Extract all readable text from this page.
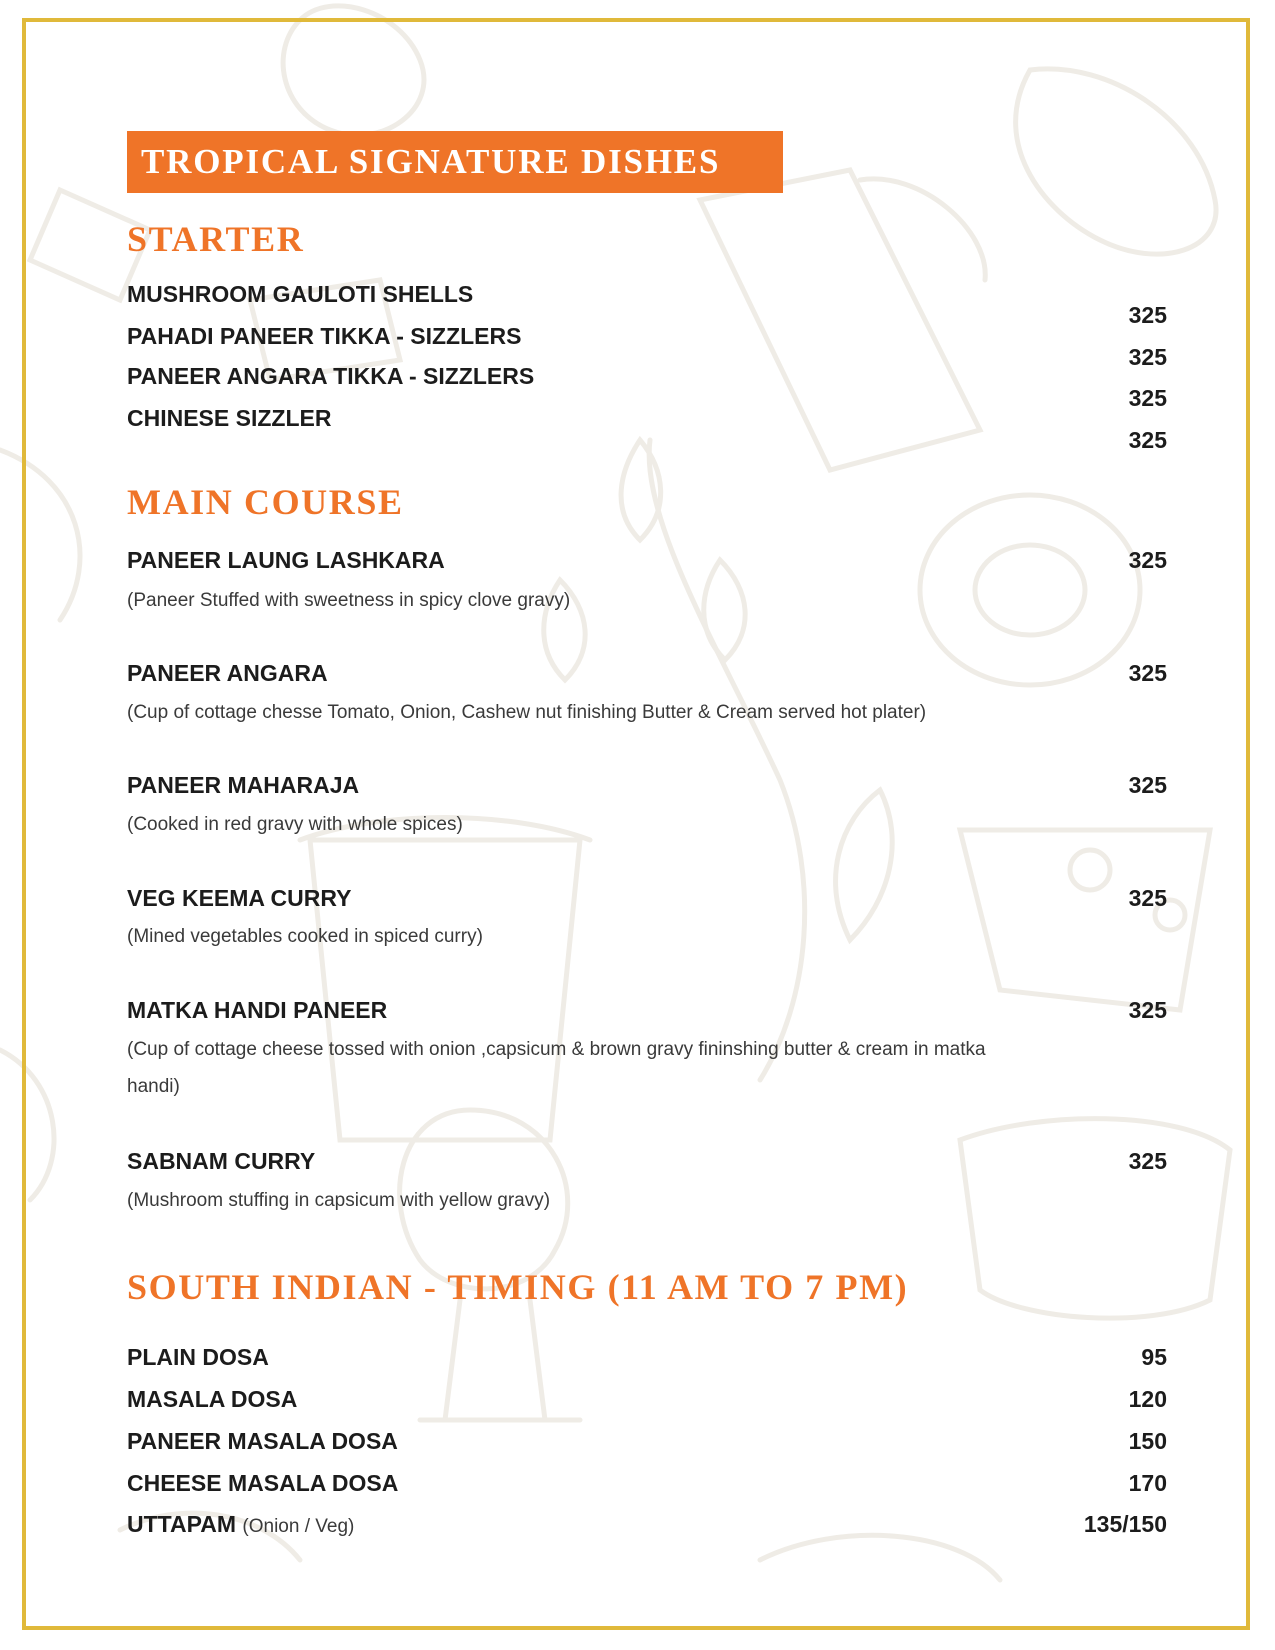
TROPICAL SIGNATURE DISHES
STARTER
MUSHROOM GAULOTI SHELLS
325
PAHADI PANEER TIKKA - SIZZLERS
325
PANEER ANGARA TIKKA - SIZZLERS
325
CHINESE SIZZLER
325
MAIN COURSE
PANEER LAUNG LASHKARA	325
(Paneer Stuffed with sweetness in spicy clove gravy)
PANEER ANGARA	325
(Cup of cottage chesse Tomato, Onion, Cashew nut finishing Butter & Cream served hot plater)
PANEER MAHARAJA	325
(Cooked in red gravy with whole spices)
VEG KEEMA CURRY	325
(Mined vegetables cooked in spiced curry)
MATKA HANDI PANEER	325
(Cup of cottage cheese tossed with onion ,capsicum & brown gravy fininshing butter & cream in matka handi)
SABNAM CURRY	325
(Mushroom stuffing in capsicum with yellow gravy)
SOUTH INDIAN - TIMING (11 AM TO 7 PM)
PLAIN DOSA	95
MASALA DOSA	120
PANEER MASALA DOSA	150
CHEESE MASALA DOSA	170
UTTAPAM (Onion / Veg)	135/150
